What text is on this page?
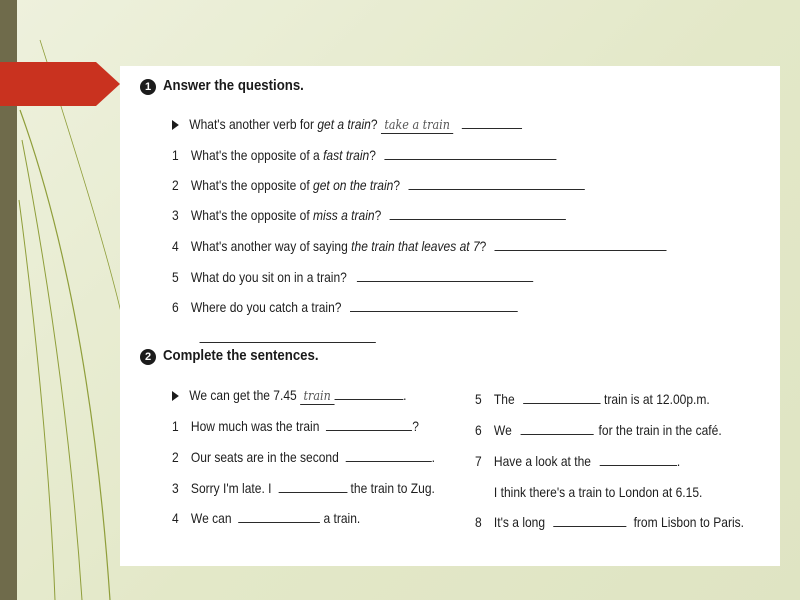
1 Answer the questions.
What's another verb for get a train? take a train
1 What's the opposite of a fast train?
2 What's the opposite of get on the train?
3 What's the opposite of miss a train?
4 What's another way of saying the train that leaves at 7?
5 What do you sit on in a train?
6 Where do you catch a train?

2 Complete the sentences.
We can get the 7.45 train	.
1 How much was the train	?
2 Our seats are in the second	.
3 Sorry I'm late. I	the train to Zug.
4 We can	a train.
5 The	train is at 12.00p.m.
6 We	for the train in the café.
7 Have a look at the	.
I think there's a train to London at 6.15.
8 It's a long	from Lisbon to Paris.
